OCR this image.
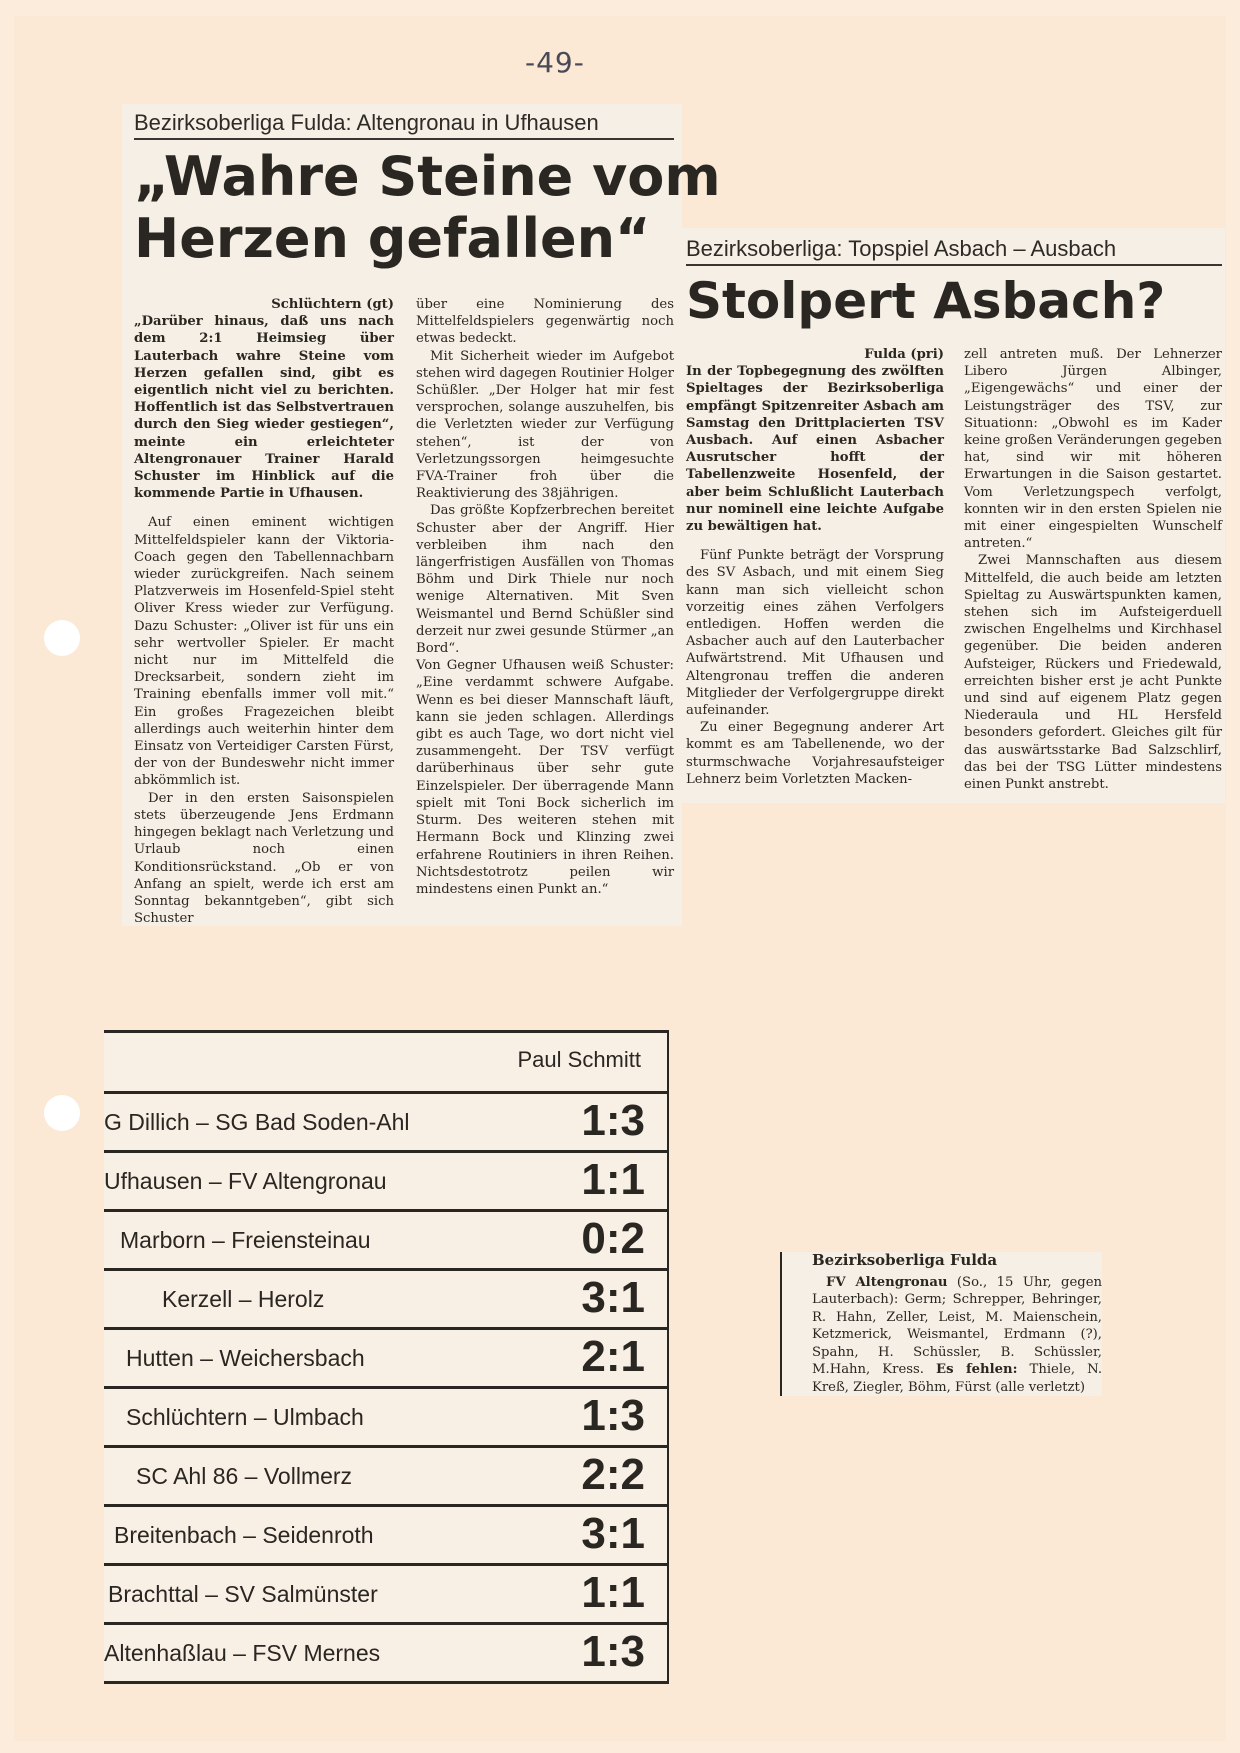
-49-
Bezirksoberliga Fulda: Altengronau in Ufhausen
„Wahre Steine vom
Herzen gefallen“

Schlüchtern (gt)

„Darüber hinaus, daß uns nach dem 2:1 Heimsieg über Lauterbach wahre Steine vom Herzen gefallen sind, gibt es eigentlich nicht viel zu berichten. Hoffentlich ist das Selbstvertrauen durch den Sieg wieder gestiegen“, meinte ein erleichteter Altengronauer Trainer Harald Schuster im Hinblick auf die kommende Partie in Ufhausen.

Auf einen eminent wichtigen Mittelfeldspieler kann der Viktoria-Coach gegen den Tabellennachbarn wieder zurückgreifen. Nach seinem Platzverweis im Hosenfeld-Spiel steht Oliver Kress wieder zur Verfügung. Dazu Schuster: „Oliver ist für uns ein sehr wertvoller Spieler. Er macht nicht nur im Mittelfeld die Drecksarbeit, sondern zieht im Training ebenfalls immer voll mit.“ Ein großes Fragezeichen bleibt allerdings auch weiterhin hinter dem Einsatz von Verteidiger Carsten Fürst, der von der Bundeswehr nicht immer abkömmlich ist.

Der in den ersten Saisonspielen stets überzeugende Jens Erdmann hingegen beklagt nach Verletzung und Urlaub noch einen Konditionsrückstand. „Ob er von Anfang an spielt, werde ich erst am Sonntag bekanntgeben“, gibt sich Schuster

über eine Nominierung des Mittelfeldspielers gegenwärtig noch etwas bedeckt.

Mit Sicherheit wieder im Aufgebot stehen wird dagegen Routinier Holger Schüßler. „Der Holger hat mir fest versprochen, solange auszuhelfen, bis die Verletzten wieder zur Verfügung stehen“, ist der von Verletzungssorgen heimgesuchte FVA-Trainer froh über die Reaktivierung des 38jährigen.

Das größte Kopfzerbrechen bereitet Schuster aber der Angriff. Hier verbleiben ihm nach den längerfristigen Ausfällen von Thomas Böhm und Dirk Thiele nur noch wenige Alternativen. Mit Sven Weismantel und Bernd Schüßler sind derzeit nur zwei gesunde Stürmer „an Bord“.

Von Gegner Ufhausen weiß Schuster: „Eine verdammt schwere Aufgabe. Wenn es bei dieser Mannschaft läuft, kann sie jeden schlagen. Allerdings gibt es auch Tage, wo dort nicht viel zusammengeht. Der TSV verfügt darüberhinaus über sehr gute Einzelspieler. Der überragende Mann spielt mit Toni Bock sicherlich im Sturm. Des weiteren stehen mit Hermann Bock und Klinzing zwei erfahrene Routiniers in ihren Reihen. Nichtsdestotrotz peilen wir mindestens einen Punkt an.“

Bezirksoberliga: Topspiel Asbach – Ausbach
Stolpert Asbach?

Fulda (pri)

In der Topbegegnung des zwölften Spieltages der Bezirksoberliga empfängt Spitzenreiter Asbach am Samstag den Drittplacierten TSV Ausbach. Auf einen Asbacher Ausrutscher hofft der Tabellenzweite Hosenfeld, der aber beim Schlußlicht Lauterbach nur nominell eine leichte Aufgabe zu bewältigen hat.

Fünf Punkte beträgt der Vorsprung des SV Asbach, und mit einem Sieg kann man sich vielleicht schon vorzeitig eines zähen Verfolgers entledigen. Hoffen werden die Asbacher auch auf den Lauterbacher Aufwärtstrend. Mit Ufhausen und Altengronau treffen die anderen Mitglieder der Verfolgergruppe direkt aufeinander.

Zu einer Begegnung anderer Art kommt es am Tabellenende, wo der sturmschwache Vorjahresaufsteiger Lehnerz beim Vorletzten Macken-

zell antreten muß. Der Lehnerzer Libero Jürgen Albinger, „Eigengewächs“ und einer der Leistungsträger des TSV, zur Situationn: „Obwohl es im Kader keine großen Veränderungen gegeben hat, sind wir mit höheren Erwartungen in die Saison gestartet. Vom Verletzungspech verfolgt, konnten wir in den ersten Spielen nie mit einer eingespielten Wunschelf antreten.“

Zwei Mannschaften aus diesem Mittelfeld, die auch beide am letzten Spieltag zu Auswärtspunkten kamen, stehen sich im Aufsteigerduell zwischen Engelhelms und Kirchhasel gegenüber. Die beiden anderen Aufsteiger, Rückers und Friedewald, erreichten bisher erst je acht Punkte und sind auf eigenem Platz gegen Niederaula und HL Hersfeld besonders gefordert. Gleiches gilt für das auswärtsstarke Bad Salzschlirf, das bei der TSG Lütter mindestens einen Punkt anstrebt.

Paul Schmitt
G Dillich – SG Bad Soden-Ahl	1:3
Ufhausen – FV Altengronau	1:1
Marborn – Freiensteinau	0:2
Kerzell – Herolz	3:1
Hutten – Weichersbach	2:1
Schlüchtern – Ulmbach	1:3
SC Ahl 86 – Vollmerz	2:2
Breitenbach – Seidenroth	3:1
Brachttal – SV Salmünster	1:1
Altenhaßlau – FSV Mernes	1:3
Bezirksoberliga Fulda
FV Altengronau (So., 15 Uhr, gegen Lauterbach): Germ; Schrepper, Behringer, R. Hahn, Zeller, Leist, M. Maienschein, Ketzmerick, Weismantel, Erdmann (?), Spahn, H. Schüssler, B. Schüssler, M.Hahn, Kress. Es fehlen: Thiele, N. Kreß, Ziegler, Böhm, Fürst (alle verletzt)
